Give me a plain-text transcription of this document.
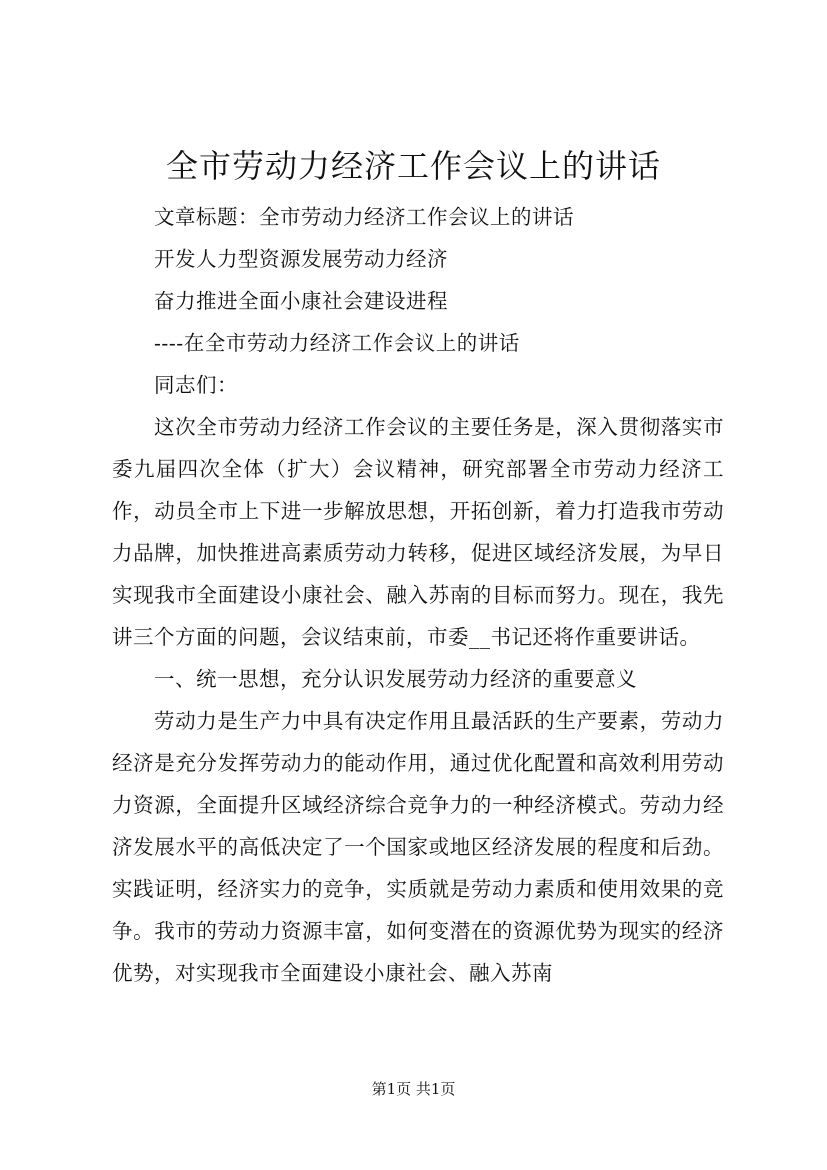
全市劳动力经济工作会议上的讲话

文章标题：全市劳动力经济工作会议上的讲话

开发人力型资源发展劳动力经济

奋力推进全面小康社会建设进程

----在全市劳动力经济工作会议上的讲话

同志们：

这次全市劳动力经济工作会议的主要任务是，深入贯彻落实市委九届四次全体（扩大）会议精神，研究部署全市劳动力经济工作，动员全市上下进一步解放思想，开拓创新，着力打造我市劳动力品牌，加快推进高素质劳动力转移，促进区域经济发展，为早日实现我市全面建设小康社会、融入苏南的目标而努力。现在，我先讲三个方面的问题，会议结束前，市委__书记还将作重要讲话。

一、统一思想，充分认识发展劳动力经济的重要意义

劳动力是生产力中具有决定作用且最活跃的生产要素，劳动力经济是充分发挥劳动力的能动作用，通过优化配置和高效利用劳动力资源，全面提升区域经济综合竞争力的一种经济模式。劳动力经济发展水平的高低决定了一个国家或地区经济发展的程度和后劲。实践证明，经济实力的竞争，实质就是劳动力素质和使用效果的竞争。我市的劳动力资源丰富，如何变潜在的资源优势为现实的经济优势，对实现我市全面建设小康社会、融入苏南

第1页 共1页
